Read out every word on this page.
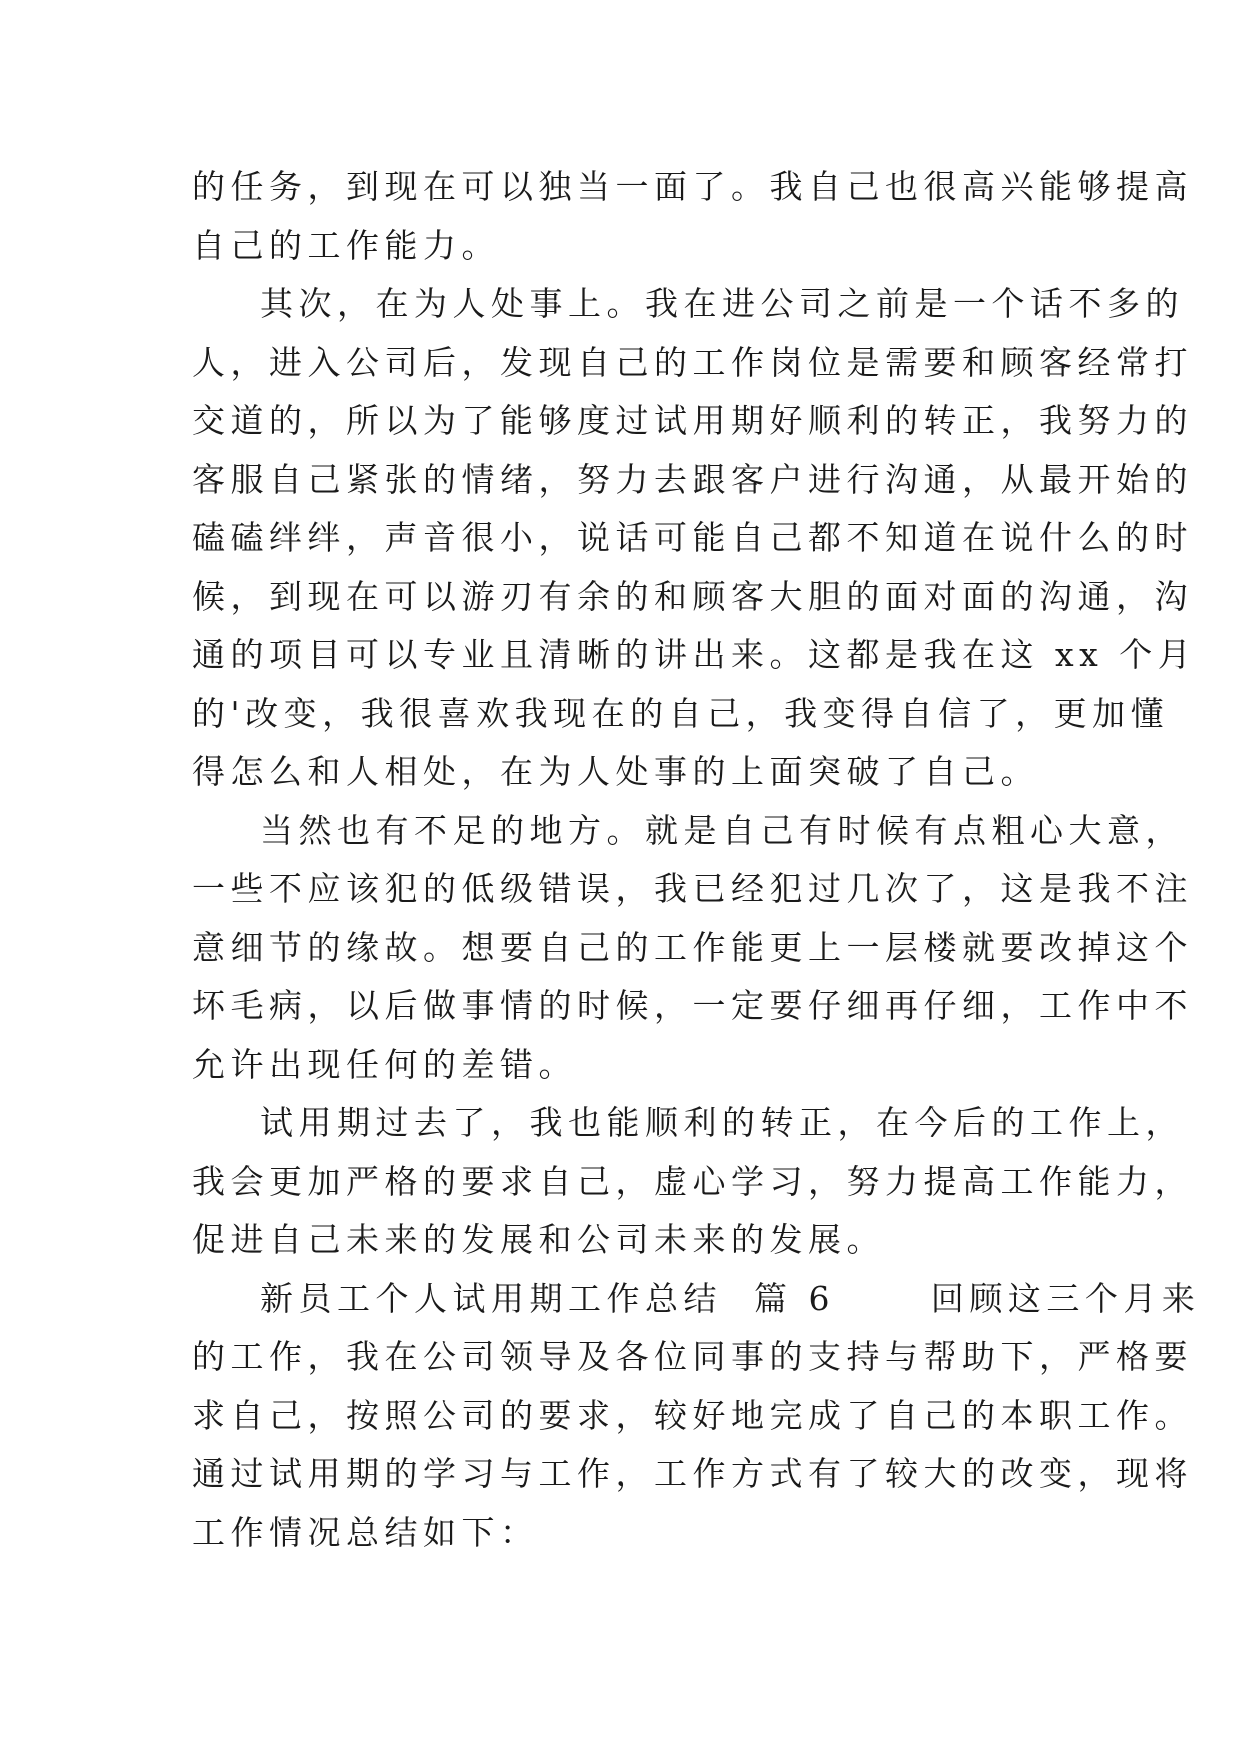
的任务，到现在可以独当一面了。我自己也很高兴能够提高
自己的工作能力。
其次，在为人处事上。我在进公司之前是一个话不多的
人，进入公司后，发现自己的工作岗位是需要和顾客经常打
交道的，所以为了能够度过试用期好顺利的转正，我努力的
客服自己紧张的情绪，努力去跟客户进行沟通，从最开始的
磕磕绊绊，声音很小，说话可能自己都不知道在说什么的时
候，到现在可以游刃有余的和顾客大胆的面对面的沟通，沟
通的项目可以专业且清晰的讲出来。这都是我在这 xx 个月
的'改变，我很喜欢我现在的自己，我变得自信了，更加懂
得怎么和人相处，在为人处事的上面突破了自己。
当然也有不足的地方。就是自己有时候有点粗心大意，
一些不应该犯的低级错误，我已经犯过几次了，这是我不注
意细节的缘故。想要自己的工作能更上一层楼就要改掉这个
坏毛病，以后做事情的时候，一定要仔细再仔细，工作中不
允许出现任何的差错。
试用期过去了，我也能顺利的转正，在今后的工作上，
我会更加严格的要求自己，虚心学习，努力提高工作能力，
促进自己未来的发展和公司未来的发展。
新员工个人试用期工作总结  篇 6      回顾这三个月来
的工作，我在公司领导及各位同事的支持与帮助下，严格要
求自己，按照公司的要求，较好地完成了自己的本职工作。
通过试用期的学习与工作，工作方式有了较大的改变，现将
工作情况总结如下：
